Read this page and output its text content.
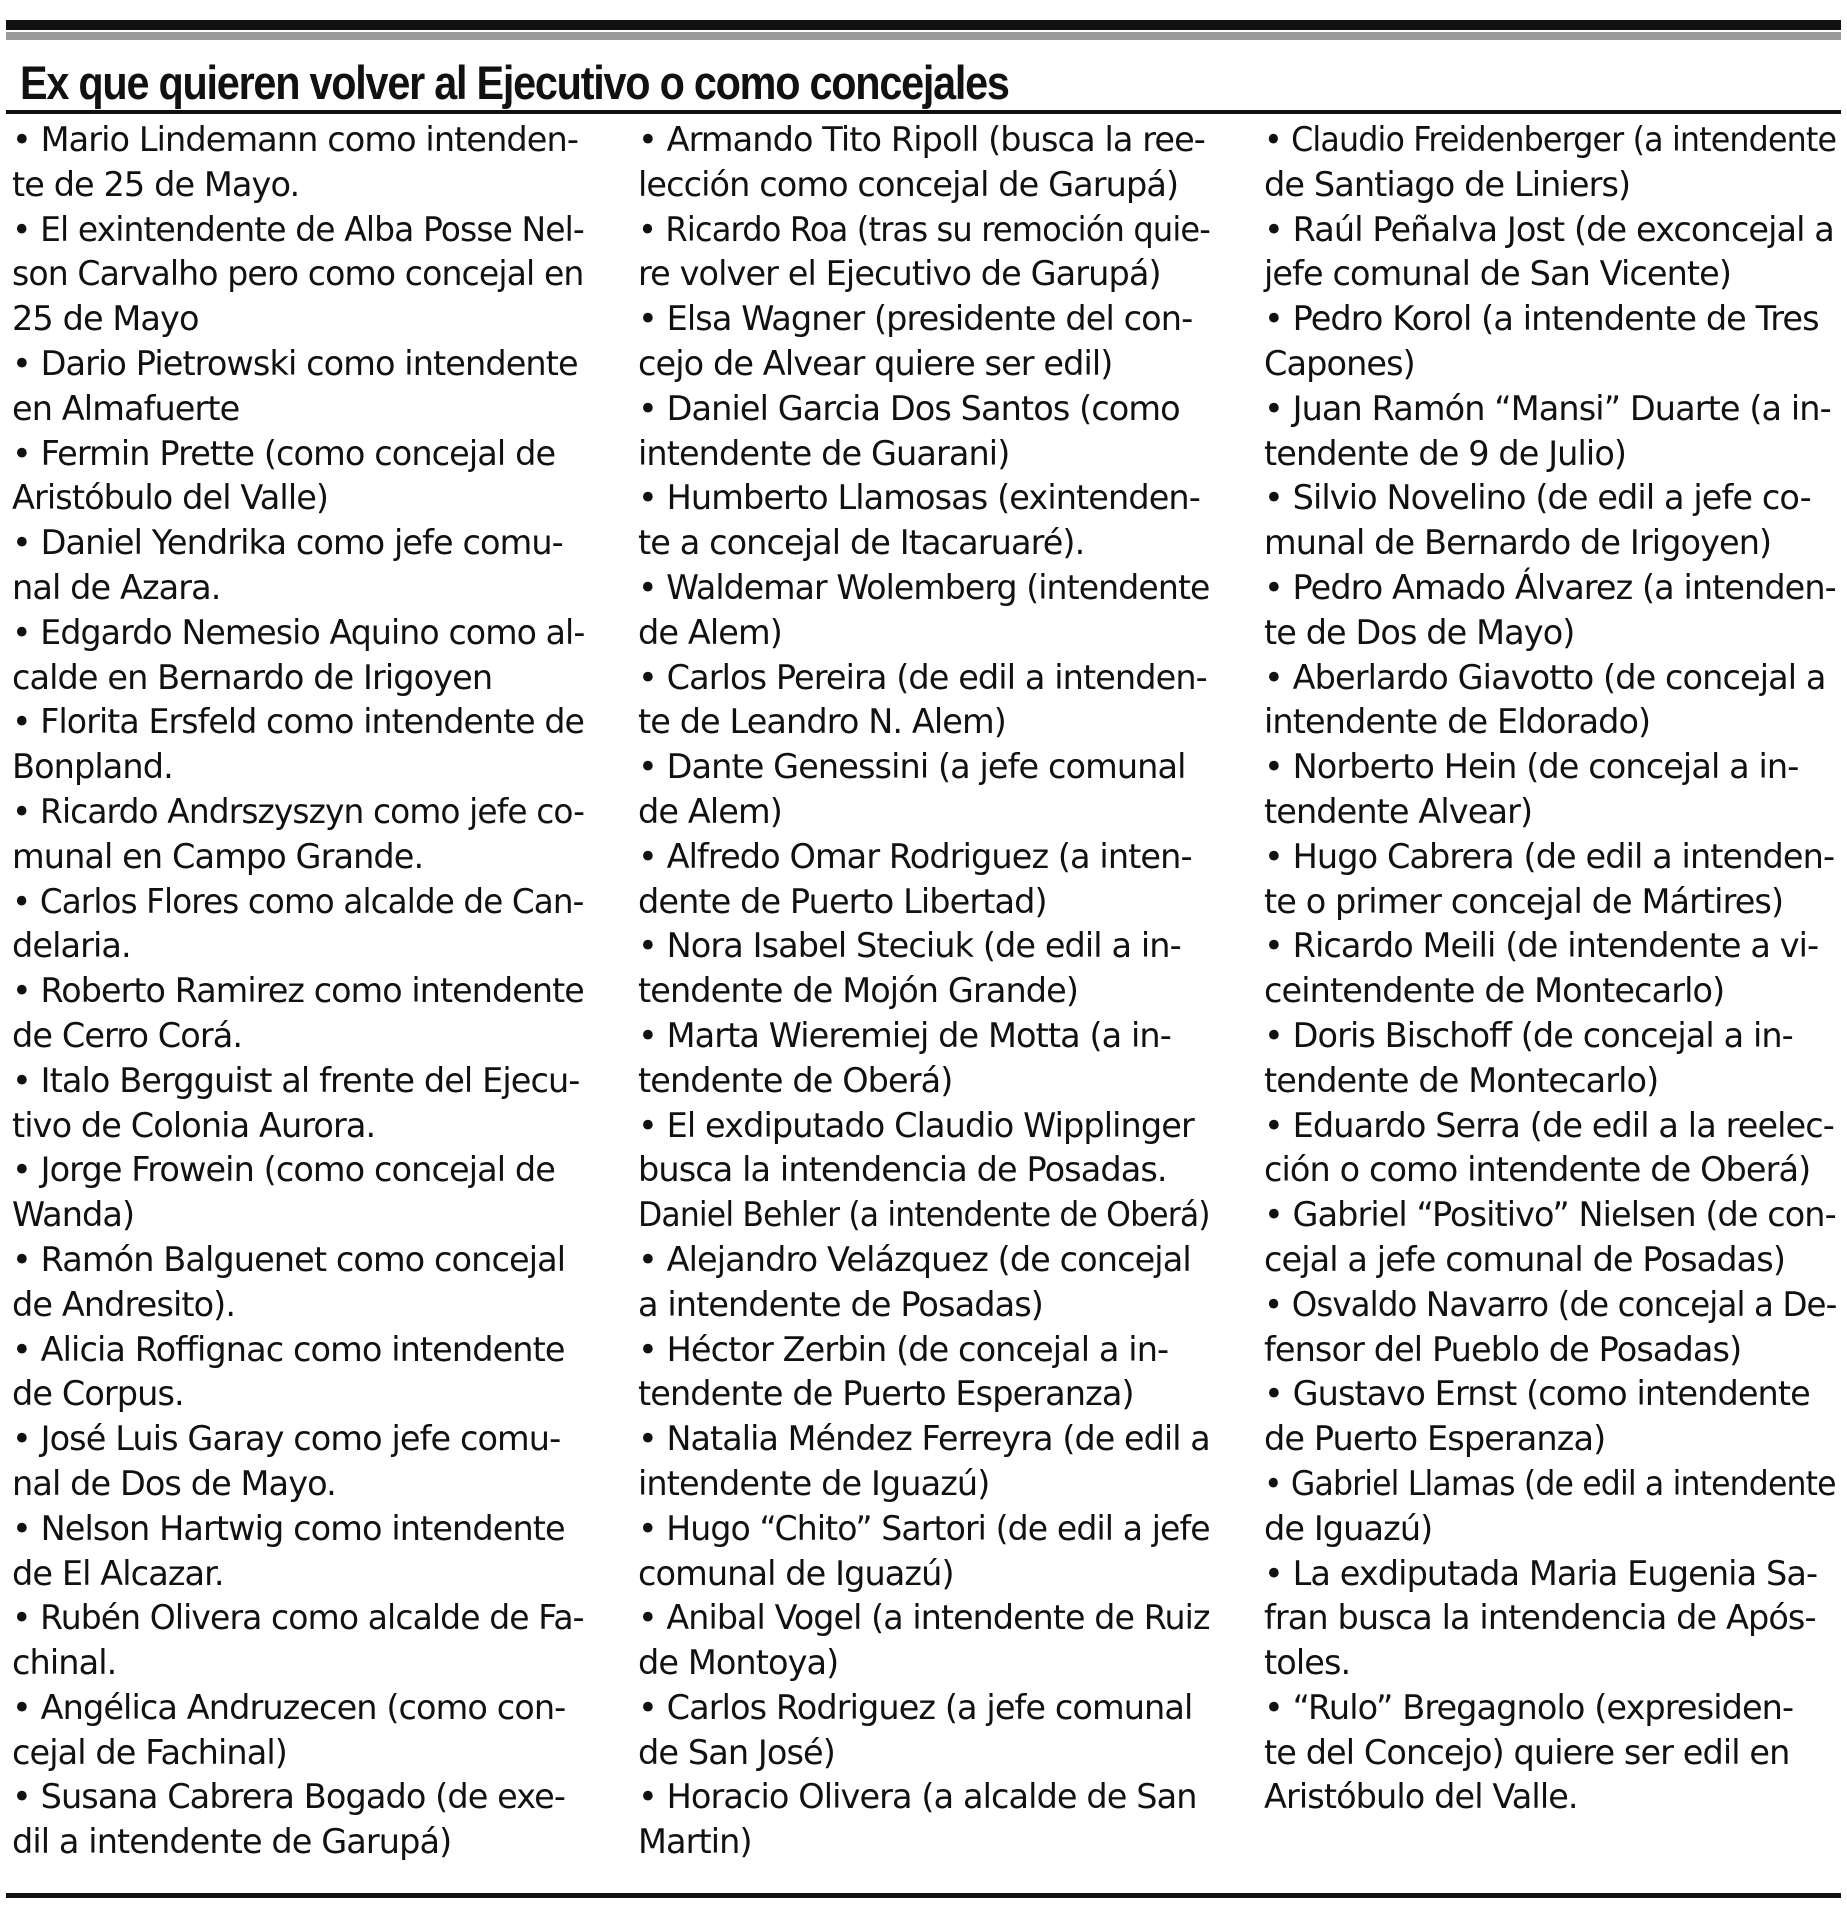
Ex que quieren volver al Ejecutivo o como concejales
• Mario Lindemann como intenden-
te de 25 de Mayo.
• El exintendente de Alba Posse Nel-
son Carvalho pero como concejal en
25 de Mayo
• Dario Pietrowski como intendente
en Almafuerte
• Fermin Prette (como concejal de
Aristóbulo del Valle)
• Daniel Yendrika como jefe comu-
nal de Azara.
• Edgardo Nemesio Aquino como al-
calde en Bernardo de Irigoyen
• Florita Ersfeld como intendente de
Bonpland.
• Ricardo Andrszyszyn como jefe co-
munal en Campo Grande.
• Carlos Flores como alcalde de Can-
delaria.
• Roberto Ramirez como intendente
de Cerro Corá.
• Italo Bergguist al frente del Ejecu-
tivo de Colonia Aurora.
• Jorge Frowein (como concejal de
Wanda)
• Ramón Balguenet como concejal
de Andresito).
• Alicia Roffignac como intendente
de Corpus.
• José Luis Garay como jefe comu-
nal de Dos de Mayo.
• Nelson Hartwig como intendente
de El Alcazar.
• Rubén Olivera como alcalde de Fa-
chinal.
• Angélica Andruzecen (como con-
cejal de Fachinal)
• Susana Cabrera Bogado (de exe-
dil a intendente de Garupá)
• Armando Tito Ripoll (busca la ree-
lección como concejal de Garupá)
• Ricardo Roa (tras su remoción quie-
re volver el Ejecutivo de Garupá)
• Elsa Wagner (presidente del con-
cejo de Alvear quiere ser edil)
• Daniel Garcia Dos Santos (como
intendente de Guarani)
• Humberto Llamosas (exintenden-
te a concejal de Itacaruaré).
• Waldemar Wolemberg (intendente
de Alem)
• Carlos Pereira (de edil a intenden-
te de Leandro N. Alem)
• Dante Genessini (a jefe comunal
de Alem)
• Alfredo Omar Rodriguez (a inten-
dente de Puerto Libertad)
• Nora Isabel Steciuk (de edil a in-
tendente de Mojón Grande)
• Marta Wieremiej de Motta (a in-
tendente de Oberá)
• El exdiputado Claudio Wipplinger
busca la intendencia de Posadas.
Daniel Behler (a intendente de Oberá)
• Alejandro Velázquez (de concejal
a intendente de Posadas)
• Héctor Zerbin (de concejal a in-
tendente de Puerto Esperanza)
• Natalia Méndez Ferreyra (de edil a
intendente de Iguazú)
• Hugo “Chito” Sartori (de edil a jefe
comunal de Iguazú)
• Anibal Vogel (a intendente de Ruiz
de Montoya)
• Carlos Rodriguez (a jefe comunal
de San José)
• Horacio Olivera (a alcalde de San
Martin)
• Claudio Freidenberger (a intendente
de Santiago de Liniers)
• Raúl Peñalva Jost (de exconcejal a
jefe comunal de San Vicente)
• Pedro Korol (a intendente de Tres
Capones)
• Juan Ramón “Mansi” Duarte (a in-
tendente de 9 de Julio)
• Silvio Novelino (de edil a jefe co-
munal de Bernardo de Irigoyen)
• Pedro Amado Álvarez (a intenden-
te de Dos de Mayo)
• Aberlardo Giavotto (de concejal a
intendente de Eldorado)
• Norberto Hein (de concejal a in-
tendente Alvear)
• Hugo Cabrera (de edil a intenden-
te o primer concejal de Mártires)
• Ricardo Meili (de intendente a vi-
ceintendente de Montecarlo)
• Doris Bischoff (de concejal a in-
tendente de Montecarlo)
• Eduardo Serra (de edil a la reelec-
ción o como intendente de Oberá)
• Gabriel “Positivo” Nielsen (de con-
cejal a jefe comunal de Posadas)
• Osvaldo Navarro (de concejal a De-
fensor del Pueblo de Posadas)
• Gustavo Ernst (como intendente
de Puerto Esperanza)
• Gabriel Llamas (de edil a intendente
de Iguazú)
• La exdiputada Maria Eugenia Sa-
fran busca la intendencia de Após-
toles.
• “Rulo” Bregagnolo (expresiden-
te del Concejo) quiere ser edil en
Aristóbulo del Valle.
